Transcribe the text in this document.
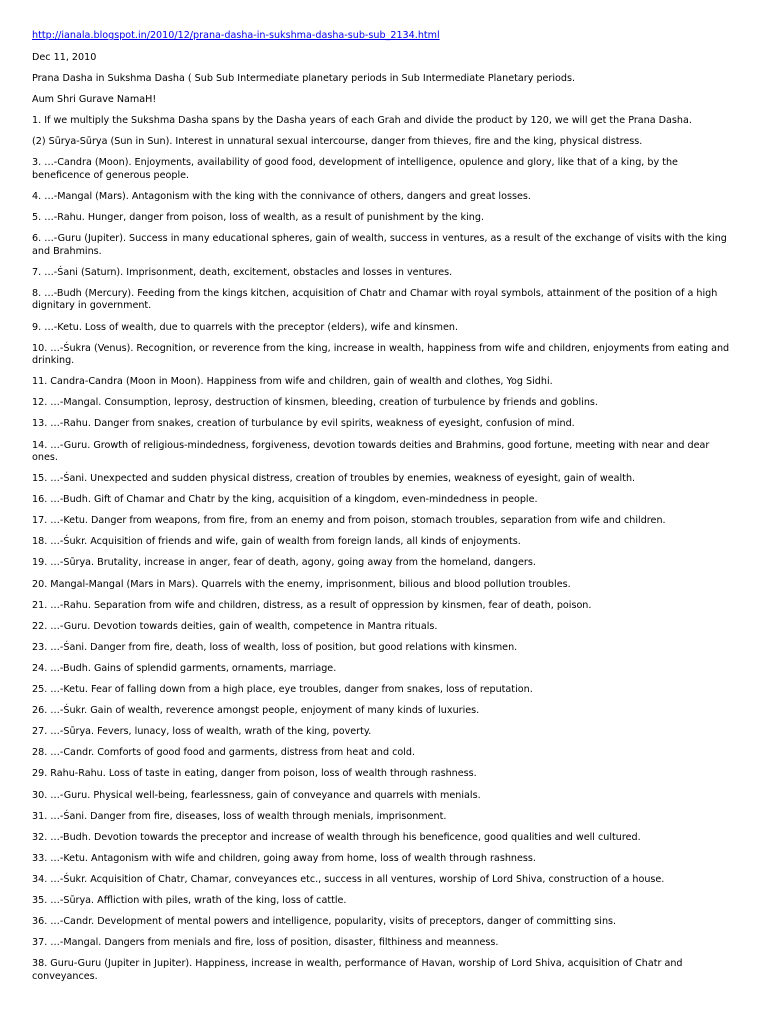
http://ianala.blogspot.in/2010/12/prana-dasha-in-sukshma-dasha-sub-sub_2134.html

Dec 11, 2010

Prana Dasha in Sukshma Dasha ( Sub Sub Intermediate planetary periods in Sub Intermediate Planetary periods.

Aum Shri Gurave NamaH!

1. If we multiply the Sukshma Dasha spans by the Dasha years of each Grah and divide the product by 120, we will get the Prana Dasha.

(2) Sūrya-Sūrya (Sun in Sun). Interest in unnatural sexual intercourse, danger from thieves, fire and the king, physical distress.

3. …-Candra (Moon). Enjoyments, availability of good food, development of intelligence, opulence and glory, like that of a king, by the beneficence of generous people.

4. …-Mangal (Mars). Antagonism with the king with the connivance of others, dangers and great losses.

5. …-Rahu. Hunger, danger from poison, loss of wealth, as a result of punishment by the king.

6. …-Guru (Jupiter). Success in many educational spheres, gain of wealth, success in ventures, as a result of the exchange of visits with the king and Brahmins.

7. …-Śani (Saturn). Imprisonment, death, excitement, obstacles and losses in ventures.

8. …-Budh (Mercury). Feeding from the kings kitchen, acquisition of Chatr and Chamar with royal symbols, attainment of the position of a high dignitary in government.

9. …-Ketu. Loss of wealth, due to quarrels with the preceptor (elders), wife and kinsmen.

10. …-Śukra (Venus). Recognition, or reverence from the king, increase in wealth, happiness from wife and children, enjoyments from eating and drinking.

11. Candra-Candra (Moon in Moon). Happiness from wife and children, gain of wealth and clothes, Yog Sidhi.

12. …-Mangal. Consumption, leprosy, destruction of kinsmen, bleeding, creation of turbulence by friends and goblins.

13. …-Rahu. Danger from snakes, creation of turbulance by evil spirits, weakness of eyesight, confusion of mind.

14. …-Guru. Growth of religious-mindedness, forgiveness, devotion towards deities and Brahmins, good fortune, meeting with near and dear ones.

15. …-Śani. Unexpected and sudden physical distress, creation of troubles by enemies, weakness of eyesight, gain of wealth.

16. …-Budh. Gift of Chamar and Chatr by the king, acquisition of a kingdom, even-mindedness in people.

17. …-Ketu. Danger from weapons, from fire, from an enemy and from poison, stomach troubles, separation from wife and children.

18. …-Śukr. Acquisition of friends and wife, gain of wealth from foreign lands, all kinds of enjoyments.

19. …-Sūrya. Brutality, increase in anger, fear of death, agony, going away from the homeland, dangers.

20. Mangal-Mangal (Mars in Mars). Quarrels with the enemy, imprisonment, bilious and blood pollution troubles.

21. …-Rahu. Separation from wife and children, distress, as a result of oppression by kinsmen, fear of death, poison.

22. …-Guru. Devotion towards deities, gain of wealth, competence in Mantra rituals.

23. …-Śani. Danger from fire, death, loss of wealth, loss of position, but good relations with kinsmen.

24. …-Budh. Gains of splendid garments, ornaments, marriage.

25. …-Ketu. Fear of falling down from a high place, eye troubles, danger from snakes, loss of reputation.

26. …-Śukr. Gain of wealth, reverence amongst people, enjoyment of many kinds of luxuries.

27. …-Sūrya. Fevers, lunacy, loss of wealth, wrath of the king, poverty.

28. …-Candr. Comforts of good food and garments, distress from heat and cold.

29. Rahu-Rahu. Loss of taste in eating, danger from poison, loss of wealth through rashness.

30. …-Guru. Physical well-being, fearlessness, gain of conveyance and quarrels with menials.

31. …-Śani. Danger from fire, diseases, loss of wealth through menials, imprisonment.

32. …-Budh. Devotion towards the preceptor and increase of wealth through his beneficence, good qualities and well cultured.

33. …-Ketu. Antagonism with wife and children, going away from home, loss of wealth through rashness.

34. …-Śukr. Acquisition of Chatr, Chamar, conveyances etc., success in all ventures, worship of Lord Shiva, construction of a house.

35. …-Sūrya. Affliction with piles, wrath of the king, loss of cattle.

36. …-Candr. Development of mental powers and intelligence, popularity, visits of preceptors, danger of committing sins.

37. …-Mangal. Dangers from menials and fire, loss of position, disaster, filthiness and meanness.

38. Guru-Guru (Jupiter in Jupiter). Happiness, increase in wealth, performance of Havan, worship of Lord Shiva, acquisition of Chatr and conveyances.
